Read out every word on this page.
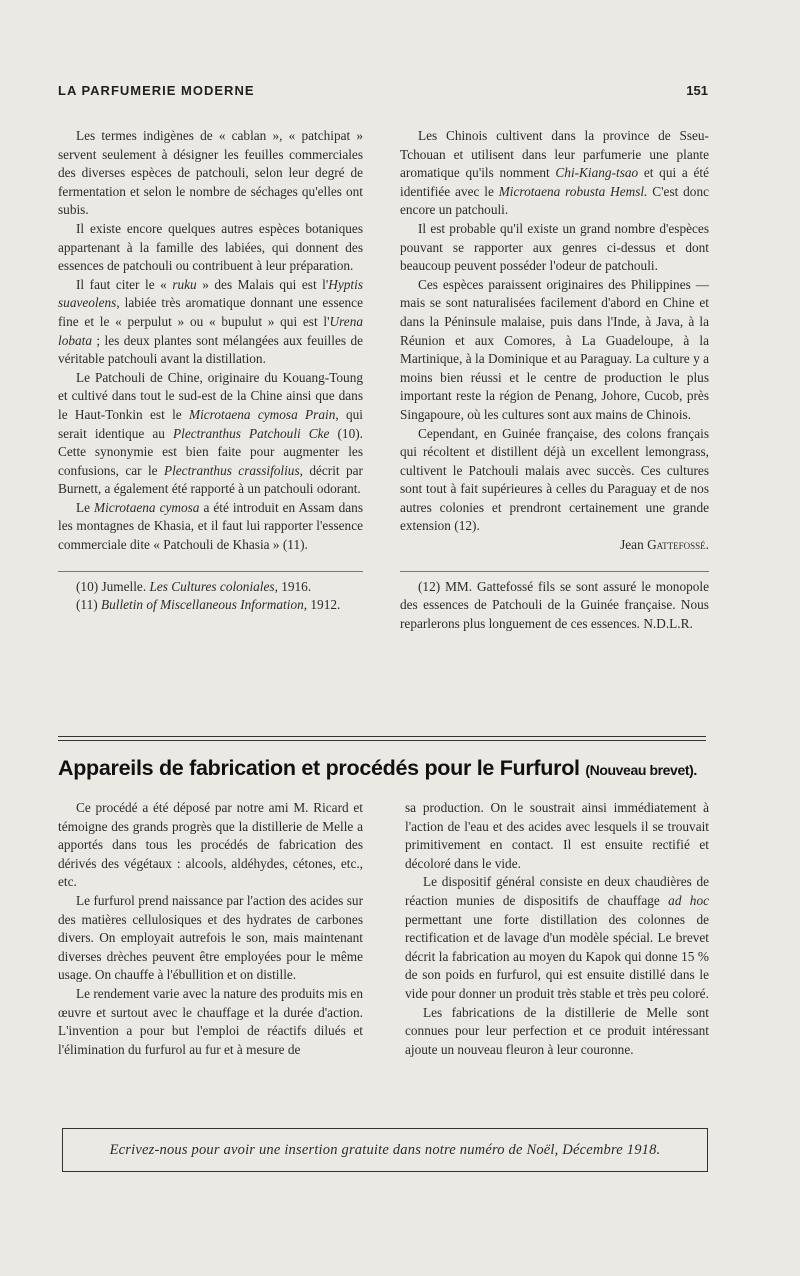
LA PARFUMERIE MODERNE	151

Les termes indigènes de « cablan », « patchipat » servent seulement à désigner les feuilles commerciales des diverses espèces de patchouli, selon leur degré de fermentation et selon le nombre de séchages qu'elles ont subis.

Il existe encore quelques autres espèces botaniques appartenant à la famille des labiées, qui donnent des essences de patchouli ou contribuent à leur préparation.

Il faut citer le « ruku » des Malais qui est l'Hyptis suaveolens, labiée très aromatique donnant une essence fine et le « perpulut » ou « bupulut » qui est l'Urena lobata ; les deux plantes sont mélangées aux feuilles de véritable patchouli avant la distillation.

Le Patchouli de Chine, originaire du Kouang-Toung et cultivé dans tout le sud-est de la Chine ainsi que dans le Haut-Tonkin est le Microtaena cymosa Prain, qui serait identique au Plectranthus Patchouli Cke (10). Cette synonymie est bien faite pour augmenter les confusions, car le Plectranthus crassifolius, décrit par Burnett, a également été rapporté à un patchouli odorant.

Le Microtaena cymosa a été introduit en Assam dans les montagnes de Khasia, et il faut lui rapporter l'essence commerciale dite « Patchouli de Khasia » (11).

(10) Jumelle. Les Cultures coloniales, 1916.

(11) Bulletin of Miscellaneous Information, 1912.

Les Chinois cultivent dans la province de Sseu-Tchouan et utilisent dans leur parfumerie une plante aromatique qu'ils nomment Chi-Kiang-tsao et qui a été identifiée avec le Microtaena robusta Hemsl. C'est donc encore un patchouli.

Il est probable qu'il existe un grand nombre d'espèces pouvant se rapporter aux genres ci-dessus et dont beaucoup peuvent posséder l'odeur de patchouli.

Ces espèces paraissent originaires des Philippines — mais se sont naturalisées facilement d'abord en Chine et dans la Péninsule malaise, puis dans l'Inde, à Java, à la Réunion et aux Comores, à La Guadeloupe, à la Martinique, à la Dominique et au Paraguay. La culture y a moins bien réussi et le centre de production le plus important reste la région de Penang, Johore, Cucob, près Singapoure, où les cultures sont aux mains de Chinois.

Cependant, en Guinée française, des colons français qui récoltent et distillent déjà un excellent lemongrass, cultivent le Patchouli malais avec succès. Ces cultures sont tout à fait supérieures à celles du Paraguay et de nos autres colonies et prendront certainement une grande extension (12).

Jean Gattefossé.

(12) MM. Gattefossé fils se sont assuré le monopole des essences de Patchouli de la Guinée française. Nous reparlerons plus longuement de ces essences. N.D.L.R.

Appareils de fabrication et procédés pour le Furfurol (Nouveau brevet).

Ce procédé a été déposé par notre ami M. Ricard et témoigne des grands progrès que la distillerie de Melle a apportés dans tous les procédés de fabrication des dérivés des végétaux : alcools, aldéhydes, cétones, etc., etc.

Le furfurol prend naissance par l'action des acides sur des matières cellulosiques et des hydrates de carbones divers. On employait autrefois le son, mais maintenant diverses drèches peuvent être employées pour le même usage. On chauffe à l'ébullition et on distille.

Le rendement varie avec la nature des produits mis en œuvre et surtout avec le chauffage et la durée d'action. L'invention a pour but l'emploi de réactifs dilués et l'élimination du furfurol au fur et à mesure de

sa production. On le soustrait ainsi immédiatement à l'action de l'eau et des acides avec lesquels il se trouvait primitivement en contact. Il est ensuite rectifié et décoloré dans le vide.

Le dispositif général consiste en deux chaudières de réaction munies de dispositifs de chauffage ad hoc permettant une forte distillation des colonnes de rectification et de lavage d'un modèle spécial. Le brevet décrit la fabrication au moyen du Kapok qui donne 15 % de son poids en furfurol, qui est ensuite distillé dans le vide pour donner un produit très stable et très peu coloré.

Les fabrications de la distillerie de Melle sont connues pour leur perfection et ce produit intéressant ajoute un nouveau fleuron à leur couronne.

Ecrivez-nous pour avoir une insertion gratuite dans notre numéro de Noël, Décembre 1918.
